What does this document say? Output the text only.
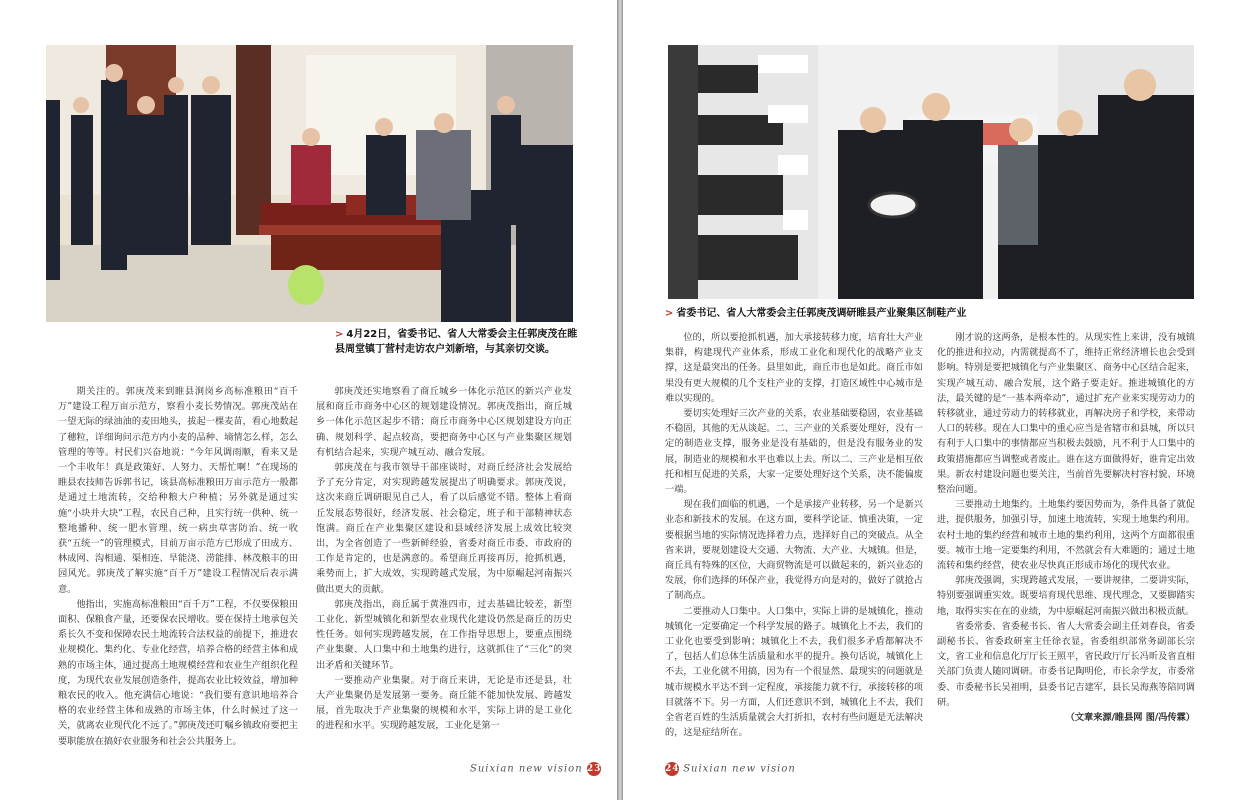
> 4月22日，省委书记、省人大常委会主任郭庚茂在睢县周堂镇丁营村走访农户刘新培，与其亲切交谈。

期关注的。郭庚茂来到睢县涧岗乡高标准粮田“百千万”建设工程万亩示范方，察看小麦长势情况。郭庚茂站在一望无际的绿油油的麦田地头，拔起一棵麦苗，看心地数起了穗粒，详细询问示范方内小麦的品种、墒情怎么样，怎么管理的等等。村民们兴奋地说：“今年风调雨顺，看来又是一个丰收年！真是政策好、人努力、天帮忙啊！”在现场的睢县农技师告诉郭书记，该县高标准粮田万亩示范方一般都是通过土地流转，交给种粮大户种植；另外就是通过实施“小块并大块”工程，农民自己种，且实行统一供种、统一整地播种、统一肥水管理、统一病虫草害防治、统一收获“五统一”的管理模式，目前万亩示范方已形成了田成方、林成网、沟相通、渠相连、旱能浇、涝能排、林茂粮丰的田园风光。郭庚茂了解实施“百千万”建设工程情况后表示满意。

他指出，实施高标准粮田“百千万”工程，不仅要保粮田面积、保粮食产量，还要保农民增收。要在保持土地承包关系长久不变和保障农民土地流转合法权益的前提下，推进农业规模化、集约化、专业化经营，培养合格的经营主体和成熟的市场主体，通过提高土地规模经营和农业生产组织化程度，为现代农业发展创造条件，提高农业比较效益，增加种粮农民的收入。他充满信心地说：“我们要有意识地培养合格的农业经营主体和成熟的市场主体，什么时候过了这一关，就离农业现代化不远了。”郭庚茂还叮嘱乡镇政府要把主要职能放在搞好农业服务和社会公共服务上。

郭庚茂还实地察看了商丘城乡一体化示范区的新兴产业发展和商丘市商务中心区的规划建设情况。郭庚茂指出，商丘城乡一体化示范区起步不错；商丘市商务中心区规划建设方向正确、规划科学、起点较高，要把商务中心区与产业集聚区规划有机结合起来，实现产城互动、融合发展。

郭庚茂在与我市领导干部座谈时，对商丘经济社会发展给予了充分肯定，对实现跨越发展提出了明确要求。郭庚茂说，这次来商丘调研眼见自己人，看了以后感觉不错。整体上看商丘发展态势很好，经济发展、社会稳定，班子和干部精神状态饱满。商丘在产业集聚区建设和县域经济发展上成效比较突出，为全省创造了一些新鲜经验，省委对商丘市委、市政府的工作是肯定的，也是满意的。希望商丘再接再厉，抢抓机遇，乘势而上，扩大成效，实现跨越式发展，为中原崛起河南振兴做出更大的贡献。

郭庚茂指出，商丘属于黄淮四市，过去基础比较差，新型工业化、新型城镇化和新型农业现代化建设仍然是商丘的历史性任务。如何实现跨越发展，在工作指导思想上，要重点围绕产业集聚、人口集中和土地集约进行，这就抓住了“三化”的突出矛盾和关键环节。

一要推动产业集聚。对于商丘来讲，无论是市还是县，壮大产业集聚仍是发展第一要务。商丘能不能加快发展、跨越发展，首先取决于产业集聚的规模和水平，实际上讲的是工业化的进程和水平。实现跨越发展，工业化是第一

Suixian new vision 23
> 省委书记、省人大常委会主任郭庚茂调研睢县产业聚集区制鞋产业

位的，所以要抢抓机遇，加大承接转移力度，培育壮大产业集群，构建现代产业体系，形成工业化和现代化的战略产业支撑，这是最突出的任务。县里如此，商丘市也是如此。商丘市如果没有更大规模的几个支柱产业的支撑，打造区域性中心城市是难以实现的。

要切实处理好三次产业的关系，农业基础要稳固，农业基础不稳固，其他的无从谈起。二、三产业的关系要处理好，没有一定的制造业支撑，服务业是没有基础的，但是没有服务业的发展，制造业的规模和水平也难以上去。所以二、三产业是相互依托和相互促进的关系，大家一定要处理好这个关系，决不能偏废一端。

现在我们面临的机遇，一个是承接产业转移，另一个是新兴业态和新技术的发展。在这方面，要科学论证、慎重决策，一定要根据当地的实际情况选择着力点，选择好自己的突破点。从全省来讲，要规划建设大交通、大物流、大产业、大城镇。但是，商丘具有特殊的区位，大商贸物流是可以做起来的，新兴业态的发展，你们选择的环保产业，我觉得方向是对的，做好了就抢占了制高点。

二要推动人口集中。人口集中，实际上讲的是城镇化，推动城镇化一定要确定一个科学发展的路子。城镇化上不去，我们的工业化也要受到影响；城镇化上不去，我们很多矛盾都解决不了，包括人们总体生活质量和水平的提升。换句话说，城镇化上不去，工业化就不用搞，因为有一个很显然、最现实的问题就是城市规模水平达不到一定程度，承接能力就不行，承接转移的项目就落不下。另一方面，人们还意识不到，城镇化上不去，我们全省老百姓的生活质量就会大打折扣，农村有些问题是无法解决的，这是症结所在。

刚才说的这两条，是根本性的。从现实性上来讲，没有城镇化的推进和拉动，内需就提高不了，维持正常经济增长也会受到影响。特别是要把城镇化与产业集聚区、商务中心区结合起来，实现产城互动、融合发展，这个路子要走好。推进城镇化的方法，最关键的是“一基本两牵动”，通过扩充产业来实现劳动力的转移就业，通过劳动力的转移就业，再解决房子和学校，来带动人口的转移。现在人口集中的重心应当是省辖市和县城，所以只有利于人口集中的事情都应当积极去鼓励，凡不利于人口集中的政策措施都应当调整或者废止。谁在这方面做得好，谁肯定出效果。新农村建设问题也要关注，当前首先要解决村容村貌、环境整治问题。

三要推动土地集约。土地集约要因势而为，条件具备了就促进，提供服务，加强引导，加速土地流转，实现土地集约利用。农村土地的集约经营和城市土地的集约利用，这两个方面都很重要。城市土地一定要集约利用，不然就会有大难题的；通过土地流转和集约经营，使农业尽快真正形成市场化的现代农业。

郭庚茂强调，实现跨越式发展，一要讲规律，二要讲实际，特别要强调重实效。既要培育现代思维、现代理念，又要脚踏实地，取得实实在在的业绩，为中原崛起河南振兴做出积极贡献。

省委常委、省委秘书长、省人大常委会副主任刘春良，省委副秘书长、省委政研室主任徐衣显，省委组织部常务副部长宗文，省工业和信息化厅厅长王照平，省民政厅厅长冯昕及省直相关部门负责人随同调研。市委书记陶明伦，市长余学友，市委常委、市委秘书长吴祖明，县委书记吉建军，县长吴海燕等陪同调研。

（文章来源/睢县网 图/冯传霖）

24 Suixian new vision
